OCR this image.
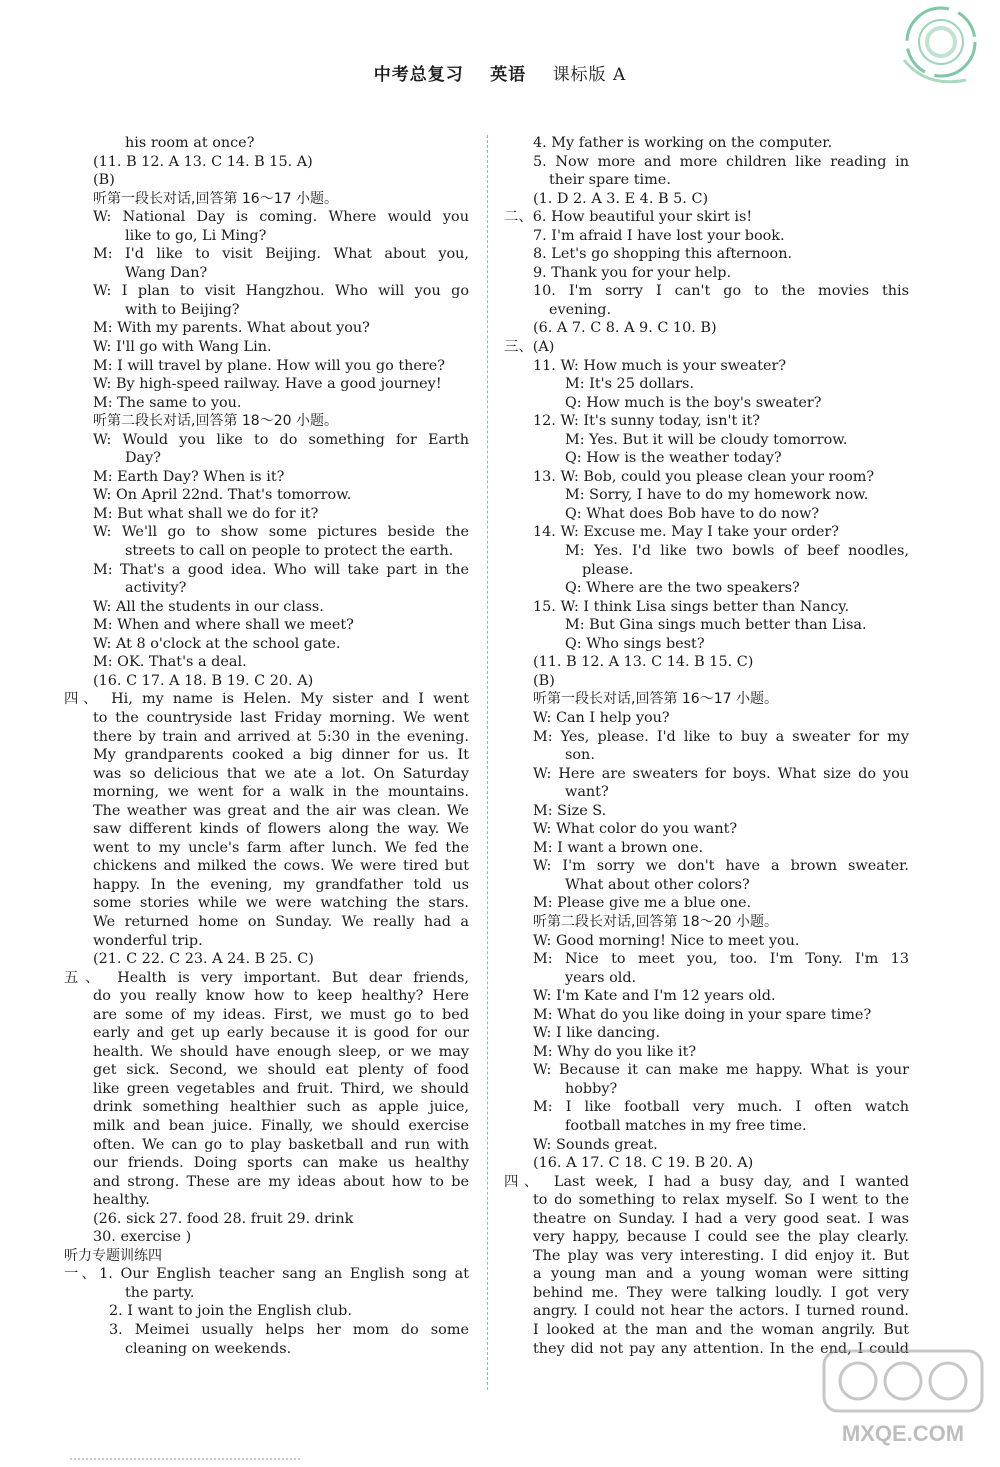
中考总复习 英语 课标版 A
his room at once?
(11. B 12. A 13. C 14. B 15. A)
(B)
听第一段长对话,回答第 16～17 小题。
W: National Day is coming. Where would you
like to go, Li Ming?
M: I'd like to visit Beijing. What about you,
Wang Dan?
W: I plan to visit Hangzhou. Who will you go
with to Beijing?
M: With my parents. What about you?
W: I'll go with Wang Lin.
M: I will travel by plane. How will you go there?
W: By high-speed railway. Have a good journey!
M: The same to you.
听第二段长对话,回答第 18～20 小题。
W: Would you like to do something for Earth
Day?
M: Earth Day? When is it?
W: On April 22nd. That's tomorrow.
M: But what shall we do for it?
W: We'll go to show some pictures beside the
streets to call on people to protect the earth.
M: That's a good idea. Who will take part in the
activity?
W: All the students in our class.
M: When and where shall we meet?
W: At 8 o'clock at the school gate.
M: OK. That's a deal.
(16. C 17. A 18. B 19. C 20. A)
四、 Hi, my name is Helen. My sister and I went
to the countryside last Friday morning. We went
there by train and arrived at 5:30 in the evening.
My grandparents cooked a big dinner for us. It
was so delicious that we ate a lot. On Saturday
morning, we went for a walk in the mountains.
The weather was great and the air was clean. We
saw different kinds of flowers along the way. We
went to my uncle's farm after lunch. We fed the
chickens and milked the cows. We were tired but
happy. In the evening, my grandfather told us
some stories while we were watching the stars.
We returned home on Sunday. We really had a
wonderful trip.
(21. C 22. C 23. A 24. B 25. C)
五、 Health is very important. But dear friends,
do you really know how to keep healthy? Here
are some of my ideas. First, we must go to bed
early and get up early because it is good for our
health. We should have enough sleep, or we may
get sick. Second, we should eat plenty of food
like green vegetables and fruit. Third, we should
drink something healthier such as apple juice,
milk and bean juice. Finally, we should exercise
often. We can go to play basketball and run with
our friends. Doing sports can make us healthy
and strong. These are my ideas about how to be
healthy.
(26. sick 27. food 28. fruit 29. drink
30. exercise )
听力专题训练四
一、1. Our English teacher sang an English song at
the party.
2. I want to join the English club.
3. Meimei usually helps her mom do some
cleaning on weekends.
4. My father is working on the computer.
5. Now more and more children like reading in
their spare time.
(1. D 2. A 3. E 4. B 5. C)
二、6. How beautiful your skirt is!
7. I'm afraid I have lost your book.
8. Let's go shopping this afternoon.
9. Thank you for your help.
10. I'm sorry I can't go to the movies this
evening.
(6. A 7. C 8. A 9. C 10. B)
三、(A)
11. W: How much is your sweater?
M: It's 25 dollars.
Q: How much is the boy's sweater?
12. W: It's sunny today, isn't it?
M: Yes. But it will be cloudy tomorrow.
Q: How is the weather today?
13. W: Bob, could you please clean your room?
M: Sorry, I have to do my homework now.
Q: What does Bob have to do now?
14. W: Excuse me. May I take your order?
M: Yes. I'd like two bowls of beef noodles,
please.
Q: Where are the two speakers?
15. W: I think Lisa sings better than Nancy.
M: But Gina sings much better than Lisa.
Q: Who sings best?
(11. B 12. A 13. C 14. B 15. C)
(B)
听第一段长对话,回答第 16～17 小题。
W: Can I help you?
M: Yes, please. I'd like to buy a sweater for my
son.
W: Here are sweaters for boys. What size do you
want?
M: Size S.
W: What color do you want?
M: I want a brown one.
W: I'm sorry we don't have a brown sweater.
What about other colors?
M: Please give me a blue one.
听第二段长对话,回答第 18～20 小题。
W: Good morning! Nice to meet you.
M: Nice to meet you, too. I'm Tony. I'm 13
years old.
W: I'm Kate and I'm 12 years old.
M: What do you like doing in your spare time?
W: I like dancing.
M: Why do you like it?
W: Because it can make me happy. What is your
hobby?
M: I like football very much. I often watch
football matches in my free time.
W: Sounds great.
(16. A 17. C 18. C 19. B 20. A)
四、 Last week, I had a busy day, and I wanted
to do something to relax myself. So I went to the
theatre on Sunday. I had a very good seat. I was
very happy, because I could see the play clearly.
The play was very interesting. I did enjoy it. But
a young man and a young woman were sitting
behind me. They were talking loudly. I got very
angry. I could not hear the actors. I turned round.
I looked at the man and the woman angrily. But
they did not pay any attention. In the end, I could
MXQE.COM
